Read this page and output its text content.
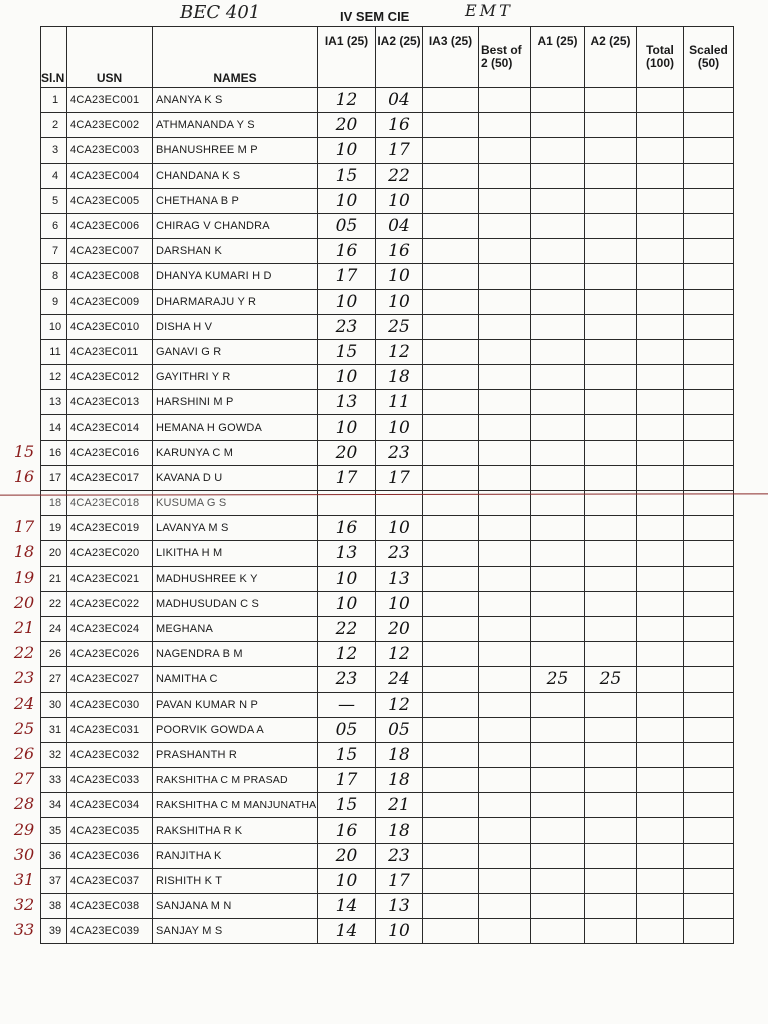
BEC 401	IV SEM CIE	EMT
Sl.N	USN	NAMES	IA1 (25)	IA2 (25)	IA3 (25)	Best of 2 (50)	A1 (25)	A2 (25)	Total (100)	Scaled (50)
1	4CA23EC001	ANANYA K S	12	04						
2	4CA23EC002	ATHMANANDA Y S	20	16						
3	4CA23EC003	BHANUSHREE M P	10	17						
4	4CA23EC004	CHANDANA K S	15	22						
5	4CA23EC005	CHETHANA B P	10	10						
6	4CA23EC006	CHIRAG V CHANDRA	05	04						
7	4CA23EC007	DARSHAN K	16	16						
8	4CA23EC008	DHANYA KUMARI H D	17	10						
9	4CA23EC009	DHARMARAJU Y R	10	10						
10	4CA23EC010	DISHA H V	23	25						
11	4CA23EC011	GANAVI G R	15	12						
12	4CA23EC012	GAYITHRI Y R	10	18						
13	4CA23EC013	HARSHINI M P	13	11						
14	4CA23EC014	HEMANA H GOWDA	10	10						
16	4CA23EC016	KARUNYA C M	20	23						
17	4CA23EC017	KAVANA D U	17	17						
18	4CA23EC018	KUSUMA G S								
19	4CA23EC019	LAVANYA M S	16	10						
20	4CA23EC020	LIKITHA H M	13	23						
21	4CA23EC021	MADHUSHREE K Y	10	13						
22	4CA23EC022	MADHUSUDAN C S	10	10						
24	4CA23EC024	MEGHANA	22	20						
26	4CA23EC026	NAGENDRA B M	12	12						
27	4CA23EC027	NAMITHA C	23	24			25	25		
30	4CA23EC030	PAVAN KUMAR N P	—	12						
31	4CA23EC031	POORVIK GOWDA A	05	05						
32	4CA23EC032	PRASHANTH R	15	18						
33	4CA23EC033	RAKSHITHA C M PRASAD	17	18						
34	4CA23EC034	RAKSHITHA C M MANJUNATHA	15	21						
35	4CA23EC035	RAKSHITHA R K	16	18						
36	4CA23EC036	RANJITHA K	20	23						
37	4CA23EC037	RISHITH K T	10	17						
38	4CA23EC038	SANJANA M N	14	13						
39	4CA23EC039	SANJAY M S	14	10						
15
16
17
18
19
20
21
22
23
24
25
26
27
28
29
30
31
32
33
